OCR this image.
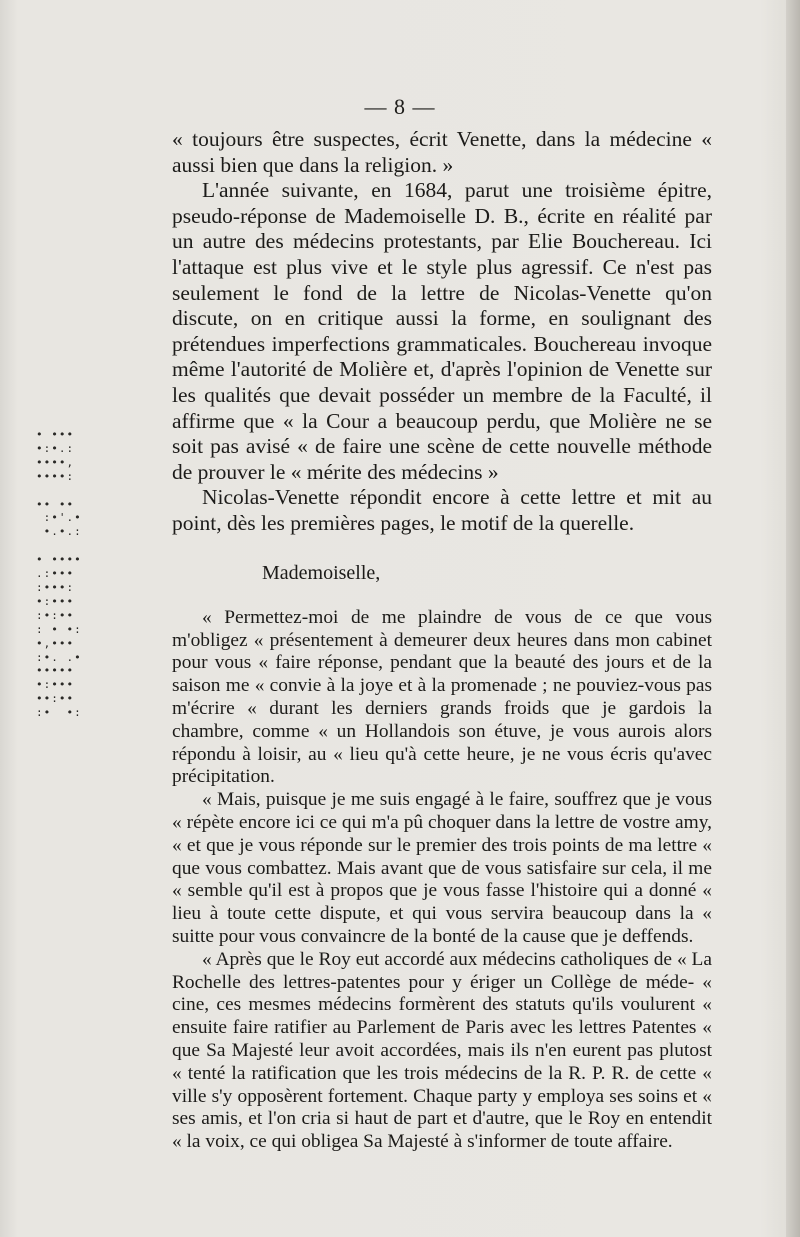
• •••
•:•.:
••••,
••••:

•• ••
:•'.•
•.•.:

• ••••
.:•••
:•••:
•:•••
:•:••
: • •:
•,•••
:•. .•
•••••
•:•••
••:••
:•  •:
— 8 —

« toujours être suspectes, écrit Venette, dans la médecine « aussi bien que dans la religion. »

L'année suivante, en 1684, parut une troisième épitre, pseudo-réponse de Mademoiselle D. B., écrite en réalité par un autre des médecins protestants, par Elie Bouchereau. Ici l'attaque est plus vive et le style plus agressif. Ce n'est pas seulement le fond de la lettre de Nicolas-Venette qu'on discute, on en critique aussi la forme, en soulignant des prétendues imperfections grammaticales. Bouchereau invoque même l'autorité de Molière et, d'après l'opinion de Venette sur les qualités que devait posséder un membre de la Faculté, il affirme que « la Cour a beaucoup perdu, que Molière ne se soit pas avisé « de faire une scène de cette nouvelle méthode de prouver le « mérite des médecins »

Nicolas-Venette répondit encore à cette lettre et mit au point, dès les premières pages, le motif de la querelle.

Mademoiselle,

« Permettez-moi de me plaindre de vous de ce que vous m'obligez « présentement à demeurer deux heures dans mon cabinet pour vous « faire réponse, pendant que la beauté des jours et de la saison me « convie à la joye et à la promenade ; ne pouviez-vous pas m'écrire « durant les derniers grands froids que je gardois la chambre, comme « un Hollandois son étuve, je vous aurois alors répondu à loisir, au « lieu qu'à cette heure, je ne vous écris qu'avec précipitation.

« Mais, puisque je me suis engagé à le faire, souffrez que je vous « répète encore ici ce qui m'a pû choquer dans la lettre de vostre amy, « et que je vous réponde sur le premier des trois points de ma lettre « que vous combattez. Mais avant que de vous satisfaire sur cela, il me « semble qu'il est à propos que je vous fasse l'histoire qui a donné « lieu à toute cette dispute, et qui vous servira beaucoup dans la « suitte pour vous convaincre de la bonté de la cause que je deffends.

« Après que le Roy eut accordé aux médecins catholiques de « La Rochelle des lettres-patentes pour y ériger un Collège de méde- « cine, ces mesmes médecins formèrent des statuts qu'ils voulurent « ensuite faire ratifier au Parlement de Paris avec les lettres Patentes « que Sa Majesté leur avoit accordées, mais ils n'en eurent pas plutost « tenté la ratification que les trois médecins de la R. P. R. de cette « ville s'y opposèrent fortement. Chaque party y employa ses soins et « ses amis, et l'on cria si haut de part et d'autre, que le Roy en entendit « la voix, ce qui obligea Sa Majesté à s'informer de toute affaire.
